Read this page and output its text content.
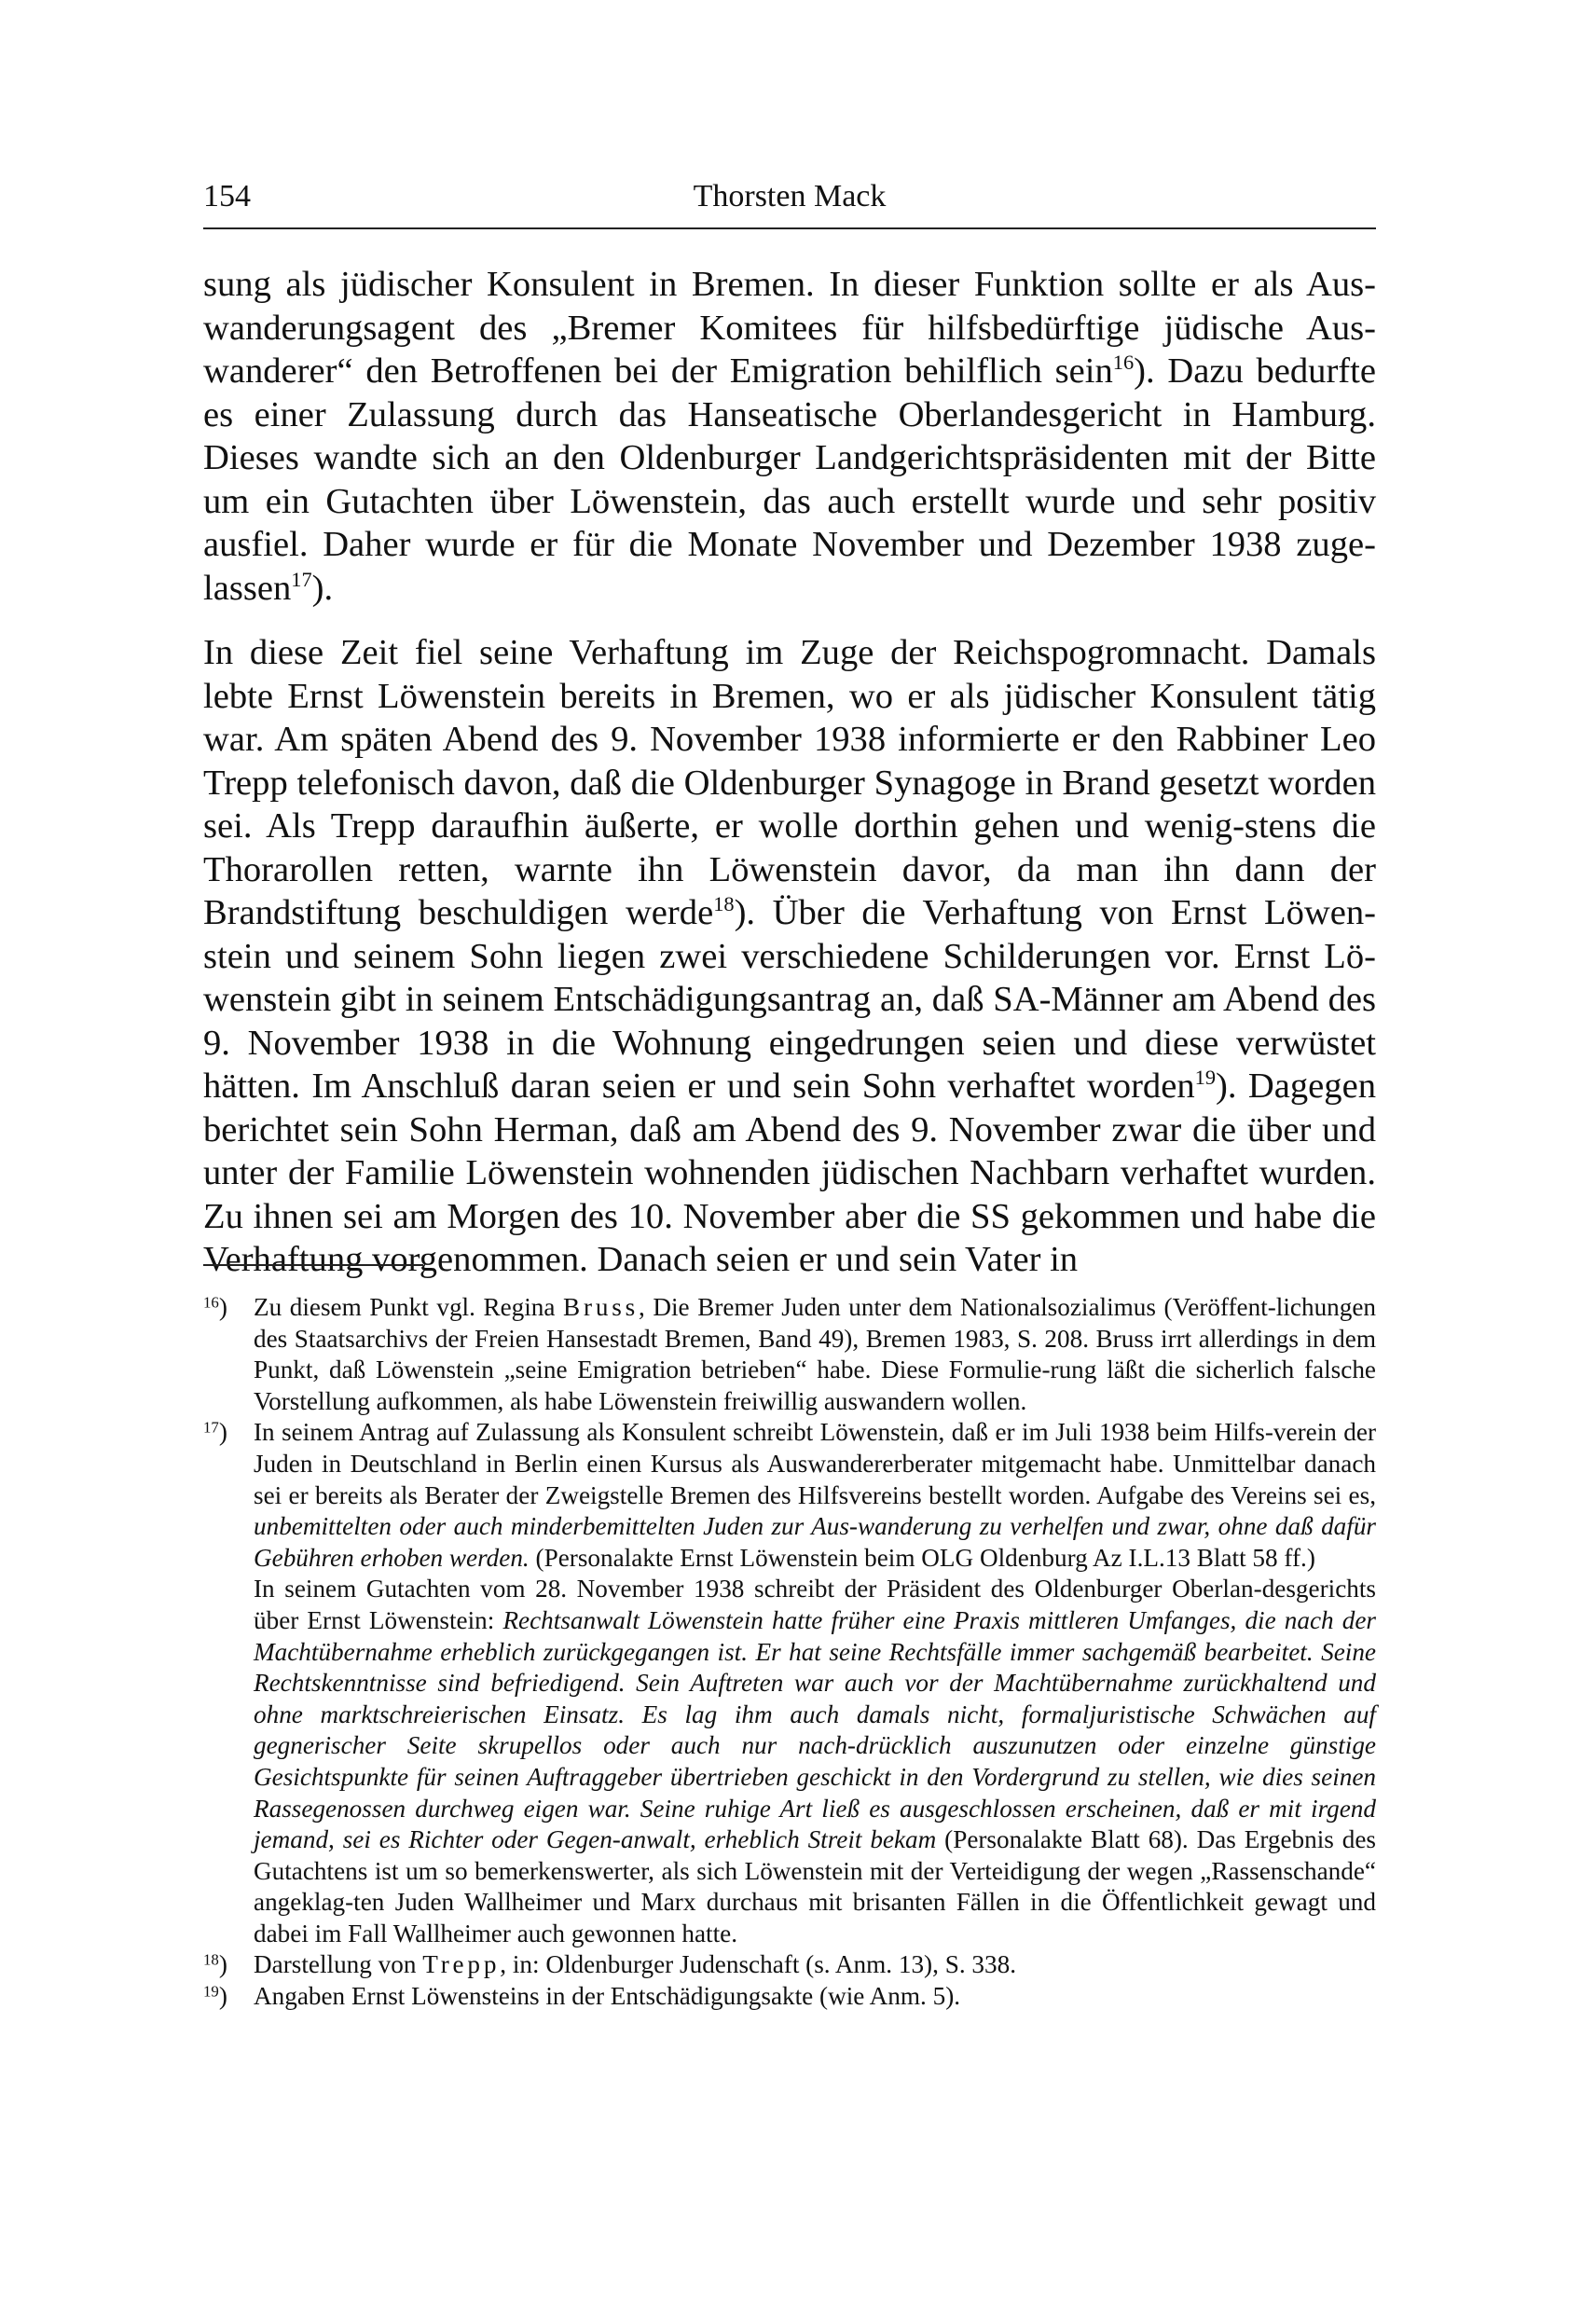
154	Thorsten Mack

sung als jüdischer Konsulent in Bremen. In dieser Funktion sollte er als Aus-wanderungsagent des „Bremer Komitees für hilfsbedürftige jüdische Aus-wanderer“ den Betroffenen bei der Emigration behilflich sein$^{16}$). Dazu bedurfte es einer Zulassung durch das Hanseatische Oberlandesgericht in Hamburg. Dieses wandte sich an den Oldenburger Landgerichtspräsidenten mit der Bitte um ein Gutachten über Löwenstein, das auch erstellt wurde und sehr positiv ausfiel. Daher wurde er für die Monate November und Dezember 1938 zuge-lassen$^{17}$).

In diese Zeit fiel seine Verhaftung im Zuge der Reichspogromnacht. Damals lebte Ernst Löwenstein bereits in Bremen, wo er als jüdischer Konsulent tätig war. Am späten Abend des 9. November 1938 informierte er den Rabbiner Leo Trepp telefonisch davon, daß die Oldenburger Synagoge in Brand gesetzt worden sei. Als Trepp daraufhin äußerte, er wolle dorthin gehen und wenig-stens die Thorarollen retten, warnte ihn Löwenstein davor, da man ihn dann der Brandstiftung beschuldigen werde$^{18}$). Über die Verhaftung von Ernst Löwen-stein und seinem Sohn liegen zwei verschiedene Schilderungen vor. Ernst Lö-wenstein gibt in seinem Entschädigungsantrag an, daß SA-Männer am Abend des 9. November 1938 in die Wohnung eingedrungen seien und diese verwüstet hätten. Im Anschluß daran seien er und sein Sohn verhaftet worden$^{19}$). Dagegen berichtet sein Sohn Herman, daß am Abend des 9. November zwar die über und unter der Familie Löwenstein wohnenden jüdischen Nachbarn verhaftet wurden. Zu ihnen sei am Morgen des 10. November aber die SS gekommen und habe die Verhaftung vorgenommen. Danach seien er und sein Vater in

$^{16}$) Zu diesem Punkt vgl. Regina Bruss, Die Bremer Juden unter dem Nationalsozialimus (Veröffent-lichungen des Staatsarchivs der Freien Hansestadt Bremen, Band 49), Bremen 1983, S. 208. Bruss irrt allerdings in dem Punkt, daß Löwenstein „seine Emigration betrieben“ habe. Diese Formulie-rung läßt die sicherlich falsche Vorstellung aufkommen, als habe Löwenstein freiwillig auswandern wollen.

$^{17}$) In seinem Antrag auf Zulassung als Konsulent schreibt Löwenstein, daß er im Juli 1938 beim Hilfs-verein der Juden in Deutschland in Berlin einen Kursus als Auswandererberater mitgemacht habe. Unmittelbar danach sei er bereits als Berater der Zweigstelle Bremen des Hilfsvereins bestellt worden. Aufgabe des Vereins sei es, unbemittelten oder auch minderbemittelten Juden zur Aus-wanderung zu verhelfen und zwar, ohne daß dafür Gebühren erhoben werden. (Personalakte Ernst Löwenstein beim OLG Oldenburg Az I.L.13 Blatt 58 ff.)

In seinem Gutachten vom 28. November 1938 schreibt der Präsident des Oldenburger Oberlan-desgerichts über Ernst Löwenstein: Rechtsanwalt Löwenstein hatte früher eine Praxis mittleren Umfanges, die nach der Machtübernahme erheblich zurückgegangen ist. Er hat seine Rechtsfälle immer sachgemäß bearbeitet. Seine Rechtskenntnisse sind befriedigend. Sein Auftreten war auch vor der Machtübernahme zurückhaltend und ohne marktschreierischen Einsatz. Es lag ihm auch damals nicht, formaljuristische Schwächen auf gegnerischer Seite skrupellos oder auch nur nach-drücklich auszunutzen oder einzelne günstige Gesichtspunkte für seinen Auftraggeber übertrieben geschickt in den Vordergrund zu stellen, wie dies seinen Rassegenossen durchweg eigen war. Seine ruhige Art ließ es ausgeschlossen erscheinen, daß er mit irgend jemand, sei es Richter oder Gegen-anwalt, erheblich Streit bekam (Personalakte Blatt 68). Das Ergebnis des Gutachtens ist um so bemerkenswerter, als sich Löwenstein mit der Verteidigung der wegen „Rassenschande“ angeklag-ten Juden Wallheimer und Marx durchaus mit brisanten Fällen in die Öffentlichkeit gewagt und dabei im Fall Wallheimer auch gewonnen hatte.

$^{18}$) Darstellung von Trepp, in: Oldenburger Judenschaft (s. Anm. 13), S. 338.

$^{19}$) Angaben Ernst Löwensteins in der Entschädigungsakte (wie Anm. 5).
